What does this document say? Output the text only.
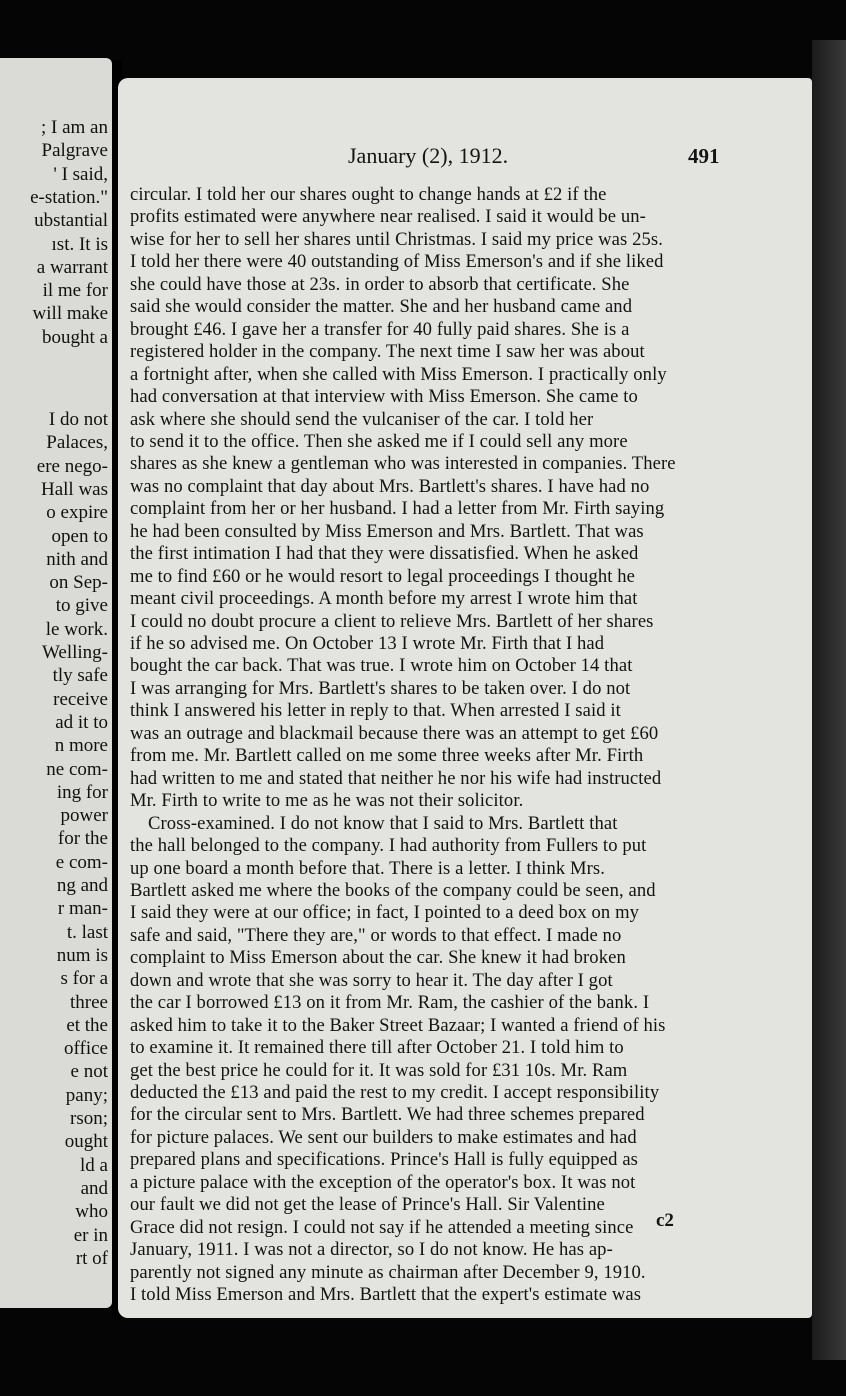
; I am an
Palgrave
' I said,
e-station."
ubstantial
ıst. It is
a warrant
il me for
will make
bought a
I do not
Palaces,
ere nego-
Hall was
o expire
open to
nith and
on Sep-
to give
le work.
Welling-
tly safe
receive
ad it to
n more
ne com-
ing for
power
for the
e com-
ng and
r man-
t. last
num is
s for a
three
et the
office
e not
pany;
rson;
ought
ld a
and
who
er in
rt of
January (2), 1912.	491
circular. I told her our shares ought to change hands at £2 if the
profits estimated were anywhere near realised. I said it would be un-
wise for her to sell her shares until Christmas. I said my price was 25s.
I told her there were 40 outstanding of Miss Emerson's and if she liked
she could have those at 23s. in order to absorb that certificate. She
said she would consider the matter. She and her husband came and
brought £46. I gave her a transfer for 40 fully paid shares. She is a
registered holder in the company. The next time I saw her was about
a fortnight after, when she called with Miss Emerson. I practically only
had conversation at that interview with Miss Emerson. She came to
ask where she should send the vulcaniser of the car. I told her
to send it to the office. Then she asked me if I could sell any more
shares as she knew a gentleman who was interested in companies. There
was no complaint that day about Mrs. Bartlett's shares. I have had no
complaint from her or her husband. I had a letter from Mr. Firth saying
he had been consulted by Miss Emerson and Mrs. Bartlett. That was
the first intimation I had that they were dissatisfied. When he asked
me to find £60 or he would resort to legal proceedings I thought he
meant civil proceedings. A month before my arrest I wrote him that
I could no doubt procure a client to relieve Mrs. Bartlett of her shares
if he so advised me. On October 13 I wrote Mr. Firth that I had
bought the car back. That was true. I wrote him on October 14 that
I was arranging for Mrs. Bartlett's shares to be taken over. I do not
think I answered his letter in reply to that. When arrested I said it
was an outrage and blackmail because there was an attempt to get £60
from me. Mr. Bartlett called on me some three weeks after Mr. Firth
had written to me and stated that neither he nor his wife had instructed
Mr. Firth to write to me as he was not their solicitor.
Cross-examined. I do not know that I said to Mrs. Bartlett that
the hall belonged to the company. I had authority from Fullers to put
up one board a month before that. There is a letter. I think Mrs.
Bartlett asked me where the books of the company could be seen, and
I said they were at our office; in fact, I pointed to a deed box on my
safe and said, "There they are," or words to that effect. I made no
complaint to Miss Emerson about the car. She knew it had broken
down and wrote that she was sorry to hear it. The day after I got
the car I borrowed £13 on it from Mr. Ram, the cashier of the bank. I
asked him to take it to the Baker Street Bazaar; I wanted a friend of his
to examine it. It remained there till after October 21. I told him to
get the best price he could for it. It was sold for £31 10s. Mr. Ram
deducted the £13 and paid the rest to my credit. I accept responsibility
for the circular sent to Mrs. Bartlett. We had three schemes prepared
for picture palaces. We sent our builders to make estimates and had
prepared plans and specifications. Prince's Hall is fully equipped as
a picture palace with the exception of the operator's box. It was not
our fault we did not get the lease of Prince's Hall. Sir Valentine
Grace did not resign. I could not say if he attended a meeting since
January, 1911. I was not a director, so I do not know. He has ap-
parently not signed any minute as chairman after December 9, 1910.
I told Miss Emerson and Mrs. Bartlett that the expert's estimate was
c2
